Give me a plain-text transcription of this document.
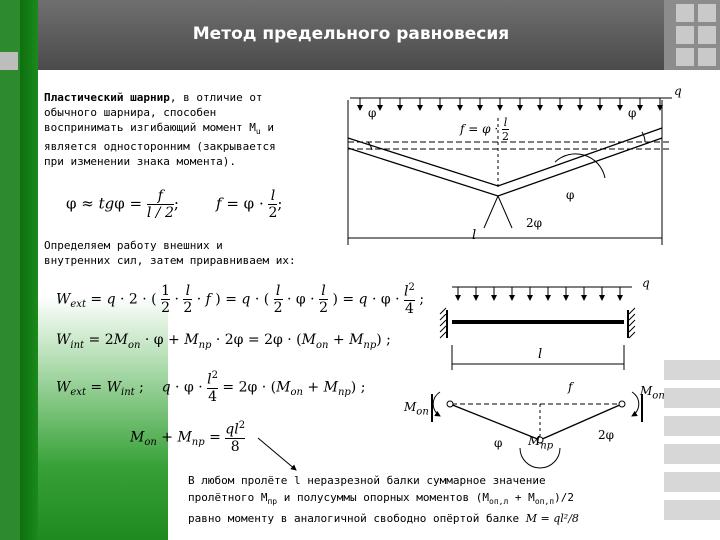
Метод предельного равновесия
Пластический шарнир, в отличие от
обычного шарнира, способен
воспринимать изгибающий момент $М_u$ и
является односторонним (закрывается
при изменении знака момента).
$\varphi \approx tg\varphi = \frac{f}{l / 2}$ ; $f = \varphi \cdot \frac{l}{2}$ ;
Определяем работу внешних и
внутренних сил, затем приравниваем их:
$W_{ext} = q \cdot 2$ · ( $\frac{1}{2} \cdot \frac{l}{2} \cdot f$ ) = q · ( $\frac{l}{2} \cdot \varphi \cdot \frac{l}{2}$ ) = $q \cdot \varphi \cdot \frac{l^2}{4}$ ;
$W_{int} = 2M_{оп} \cdot \varphi + M_{пр} \cdot 2\varphi = 2\varphi \cdot (M_{оп} + M_{пр})$ ;
$W_{ext} = W_{int}$ ;    $q \cdot \varphi \cdot \frac{l^2}{4} = 2\varphi \cdot (M_{оп} + M_{пр})$ ;
$M_{оп} + M_{пр} = \frac{ql^2}{8}$
q
φ	φ
$f = \varphi \cdot \frac{l}{2}$
φ
2φ
l
q
l
f
$M_{оп}$
$M_{оп}$
φ $M_{пр}$
2φ
В любом пролёте l неразрезной балки суммарное значение
пролётного $М_{пр}$ и полусуммы опорных моментов $(М_{оп,л} + М_{оп,п})/2$
равно моменту в аналогичной свободно опёртой балке M = ql²/8
